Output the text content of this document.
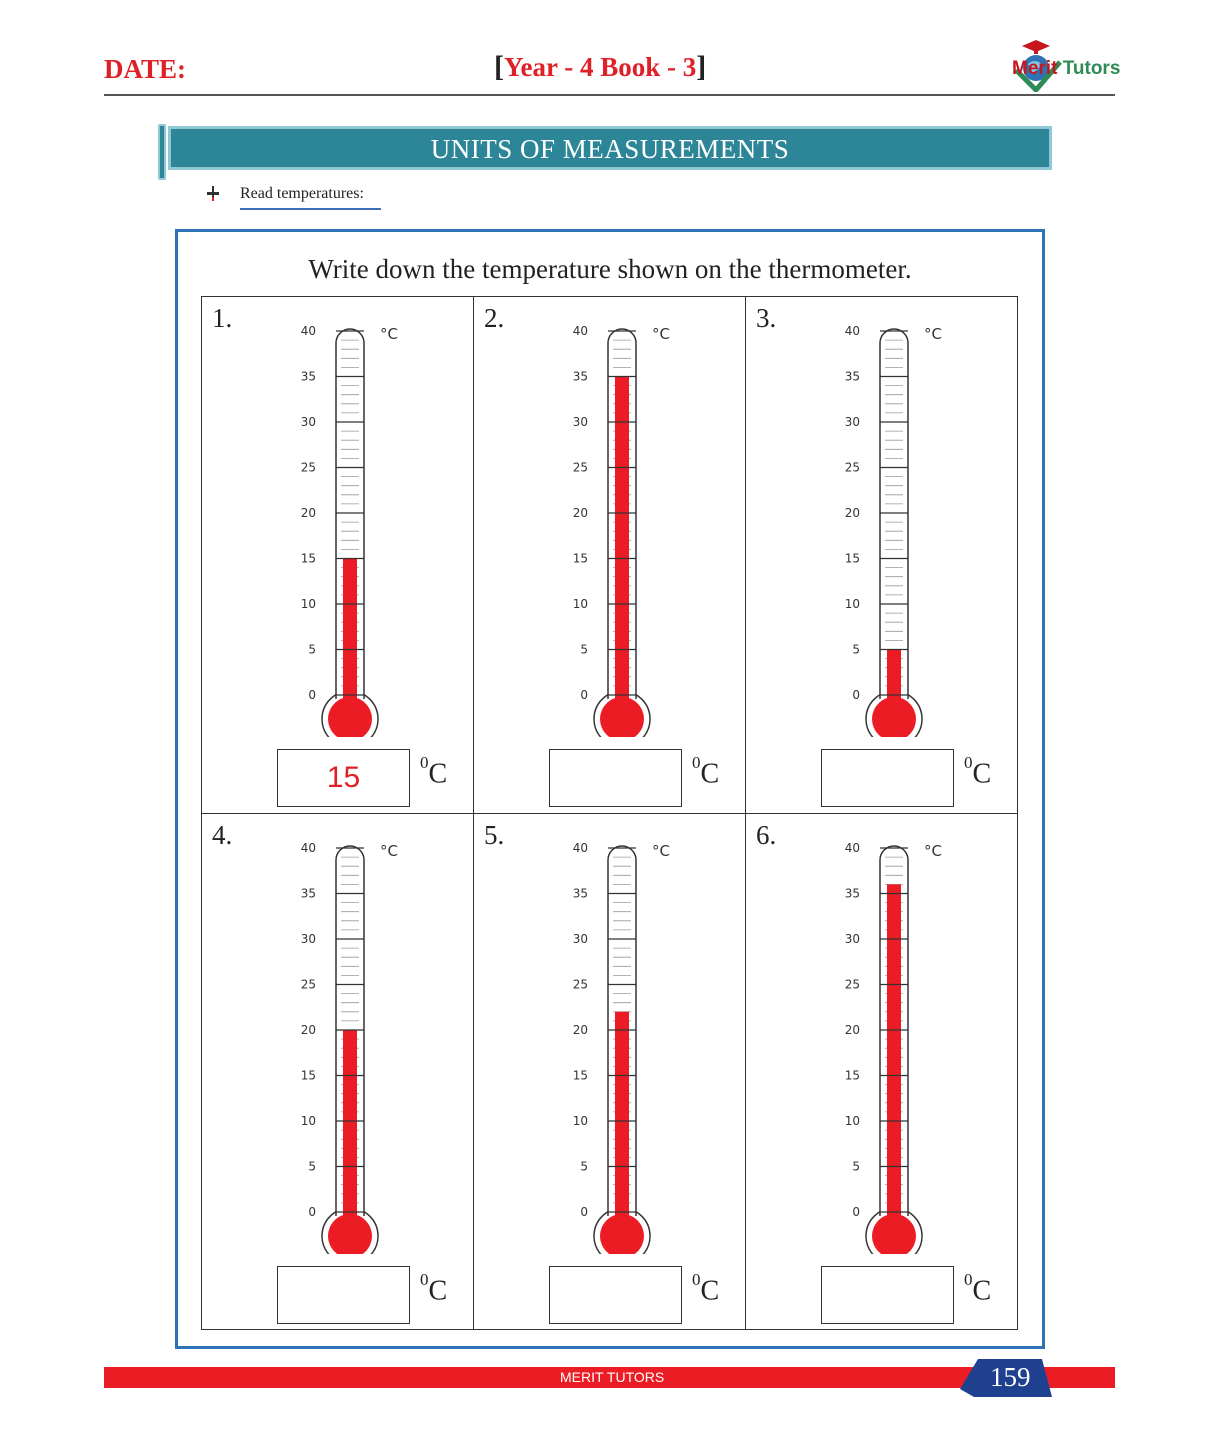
DATE:	[Year - 4 Book - 3]	Merit Tutors
UNITS OF MEASUREMENTS
Read temperatures:
Write down the temperature shown on the thermometer.
1.	40
35
30
25
20
15
10
5
0
°C
15	$^0$C
2.	40
35
30
25
20
15
10
5
0
°C
$^0$C
3.	40
35
30
25
20
15
10
5
0
°C
$^0$C
4.	40
35
30
25
20
15
10
5
0
°C
$^0$C
5.	40
35
30
25
20
15
10
5
0
°C
$^0$C
6.	40
35
30
25
20
15
10
5
0
°C
$^0$C
MERIT TUTORS	159
